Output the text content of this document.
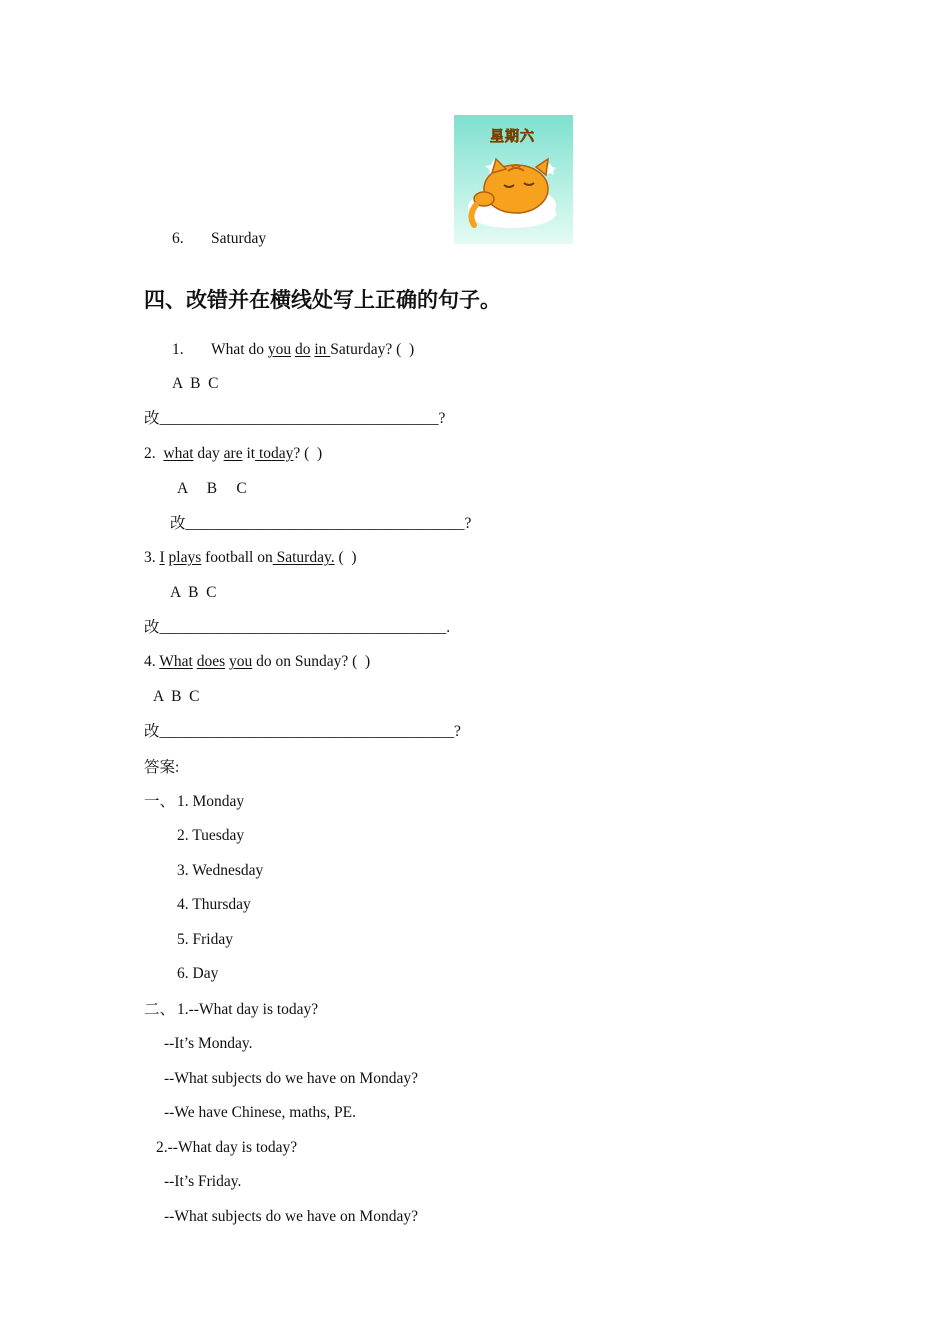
6. Saturday
星期六
四、改错并在横线处写上正确的句子。
1. What do you do in Saturday? (  )
A  B  C
改____________________________________?
2. what day are it today? (  )
A     B     C
改____________________________________?
3. I plays football on Saturday. (  )
A  B  C
改_____________________________________.
4. What does you do on Sunday? (  )
A  B  C
改______________________________________?
答案:
一、 1. Monday
2. Tuesday
3. Wednesday
4. Thursday
5. Friday
6. Day
二、 1.--What day is today?
--It’s Monday.
--What subjects do we have on Monday?
--We have Chinese, maths, PE.
2.--What day is today?
--It’s Friday.
--What subjects do we have on Monday?
